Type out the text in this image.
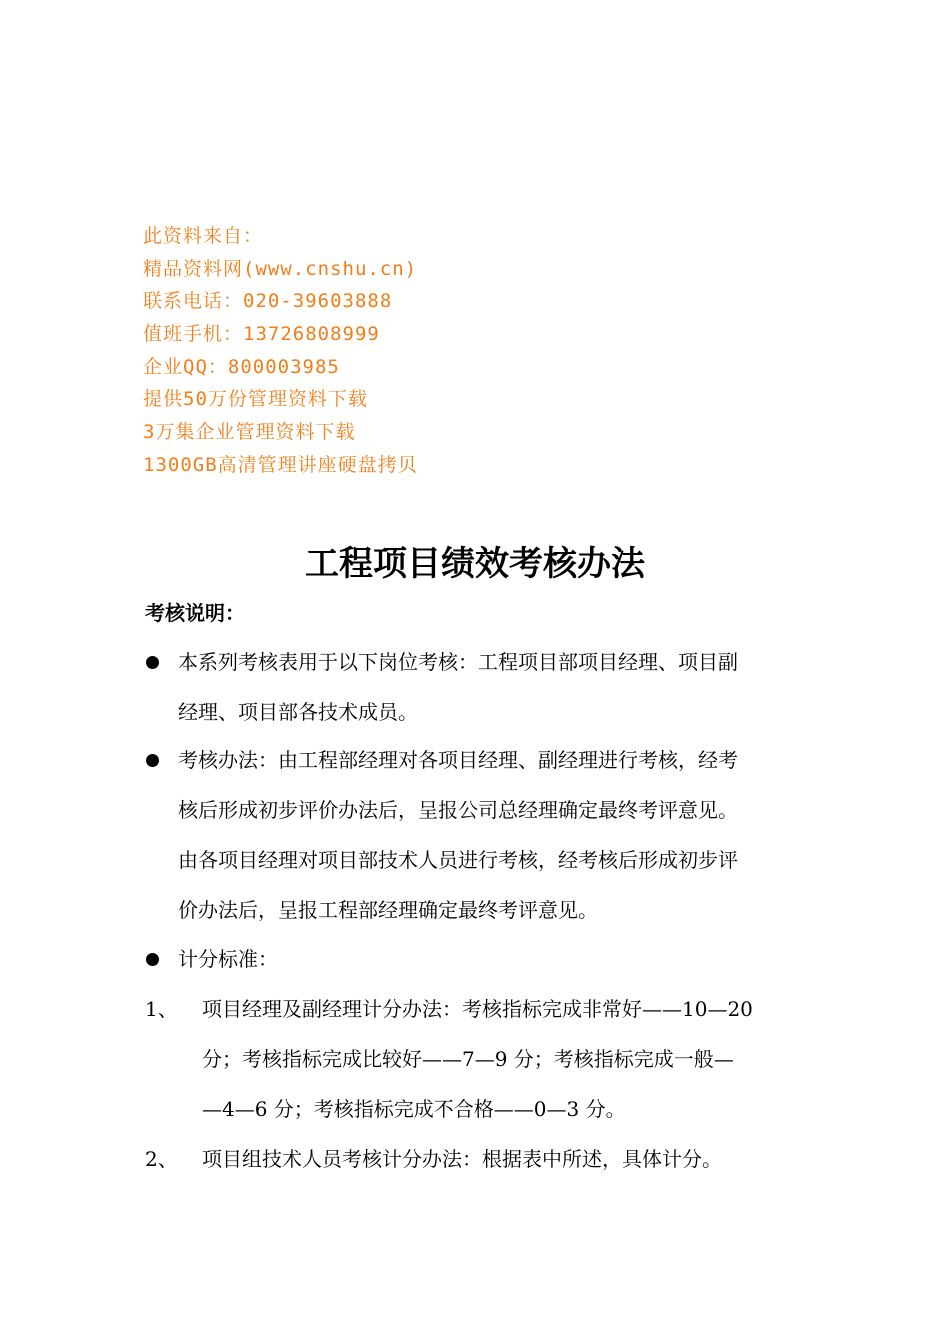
此资料来自：
精品资料网(www.cnshu.cn)
联系电话：020-39603888
值班手机：13726808999
企业QQ：800003985
提供50万份管理资料下载
3万集企业管理资料下载
1300GB高清管理讲座硬盘拷贝
工程项目绩效考核办法
考核说明：
本系列考核表用于以下岗位考核：工程项目部项目经理、项目副
经理、项目部各技术成员。
考核办法：由工程部经理对各项目经理、副经理进行考核，经考
核后形成初步评价办法后，呈报公司总经理确定最终考评意见。
由各项目经理对项目部技术人员进行考核，经考核后形成初步评
价办法后，呈报工程部经理确定最终考评意见。
计分标准：
1、 项目经理及副经理计分办法：考核指标完成非常好——10—20
分；考核指标完成比较好——7—9 分；考核指标完成一般—
—4—6 分；考核指标完成不合格——0—3 分。
2、 项目组技术人员考核计分办法：根据表中所述，具体计分。
